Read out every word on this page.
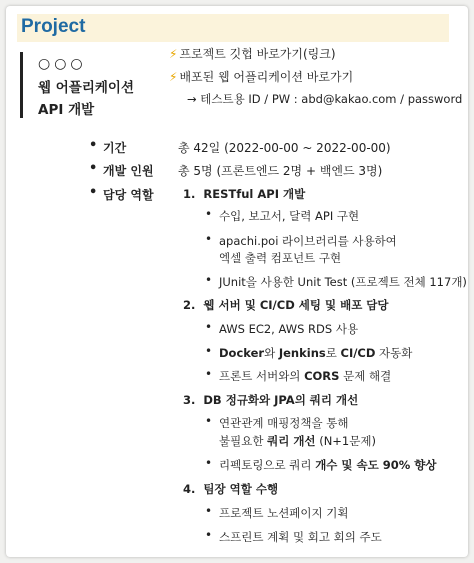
Project
○○○
웹 어플리케이션
API 개발
⚡ 프로젝트 깃헙 바로가기(링크)
⚡ 배포된 웹 어플리케이션 바로가기
→ 테스트용 ID / PW : abd@kakao.com / password
• 기간	총 42일 (2022-00-00 ~ 2022-00-00)
• 개발 인원 총 5명 (프론트엔드 2명 + 백엔드 3명)
• 담당 역할	1. RESTful API 개발
• 수입, 보고서, 달력 API 구현
• apachi.poi 라이브러리를 사용하여
엑셀 출력 컴포넌트 구현
• JUnit을 사용한 Unit Test (프로젝트 전체 117개)
2. 웹 서버 및 CI/CD 세팅 및 배포 담당
• AWS EC2, AWS RDS 사용
• Docker와 Jenkins로 CI/CD 자동화
• 프론트 서버와의 CORS 문제 해결
3. DB 정규화와 JPA의 쿼리 개선
• 연관관계 매핑정책을 통해
불필요한 쿼리 개선 (N+1문제)
• 리펙토링으로 쿼리 개수 및 속도 90% 향상
4. 팀장 역할 수행
• 프로젝트 노션페이지 기획
• 스프린트 계획 및 회고 회의 주도
